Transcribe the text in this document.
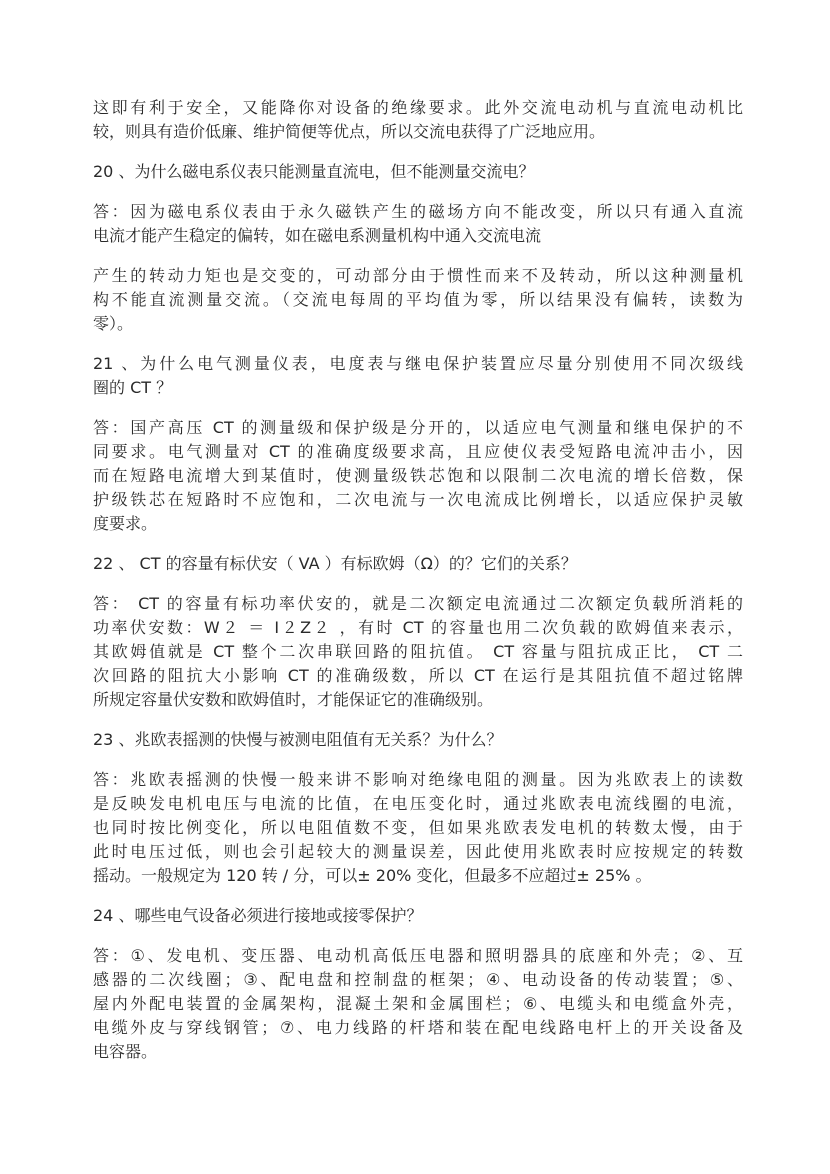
这即有利于安全，又能降你对设备的绝缘要求。此外交流电动机与直流电动机比
较，则具有造价低廉、维护简便等优点，所以交流电获得了广泛地应用。
20 、为什么磁电系仪表只能测量直流电，但不能测量交流电？
答：因为磁电系仪表由于永久磁铁产生的磁场方向不能改变，所以只有通入直流
电流才能产生稳定的偏转，如在磁电系测量机构中通入交流电流
产生的转动力矩也是交变的，可动部分由于惯性而来不及转动，所以这种测量机
构不能直流测量交流。（交流电每周的平均值为零，所以结果没有偏转，读数为
零）。
21 、为什么电气测量仪表，电度表与继电保护装置应尽量分别使用不同次级线
圈的 CT ？
答：国产高压 CT 的测量级和保护级是分开的，以适应电气测量和继电保护的不
同要求。电气测量对 CT 的准确度级要求高，且应使仪表受短路电流冲击小，因
而在短路电流增大到某值时，使测量级铁芯饱和以限制二次电流的增长倍数，保
护级铁芯在短路时不应饱和，二次电流与一次电流成比例增长，以适应保护灵敏
度要求。
22 、 CT 的容量有标伏安（ VA ）有标欧姆（Ω）的？它们的关系？
答： CT 的容量有标功率伏安的，就是二次额定电流通过二次额定负载所消耗的
功率伏安数：W２ ＝ I２Z２ ，有时 CT 的容量也用二次负载的欧姆值来表示，
其欧姆值就是 CT 整个二次串联回路的阻抗值。 CT 容量与阻抗成正比， CT 二
次回路的阻抗大小影响 CT 的准确级数，所以 CT 在运行是其阻抗值不超过铭牌
所规定容量伏安数和欧姆值时，才能保证它的准确级别。
23 、兆欧表摇测的快慢与被测电阻值有无关系？为什么？
答：兆欧表摇测的快慢一般来讲不影响对绝缘电阻的测量。因为兆欧表上的读数
是反映发电机电压与电流的比值，在电压变化时，通过兆欧表电流线圈的电流，
也同时按比例变化，所以电阻值数不变，但如果兆欧表发电机的转数太慢，由于
此时电压过低，则也会引起较大的测量误差，因此使用兆欧表时应按规定的转数
摇动。一般规定为 120 转 / 分，可以± 20% 变化，但最多不应超过± 25% 。
24 、哪些电气设备必须进行接地或接零保护？
答：①、发电机、变压器、电动机高低压电器和照明器具的底座和外壳；②、互
感器的二次线圈；③、配电盘和控制盘的框架；④、电动设备的传动装置；⑤、
屋内外配电装置的金属架构，混凝土架和金属围栏；⑥、电缆头和电缆盒外壳，
电缆外皮与穿线钢管；⑦、电力线路的杆塔和装在配电线路电杆上的开关设备及
电容器。
